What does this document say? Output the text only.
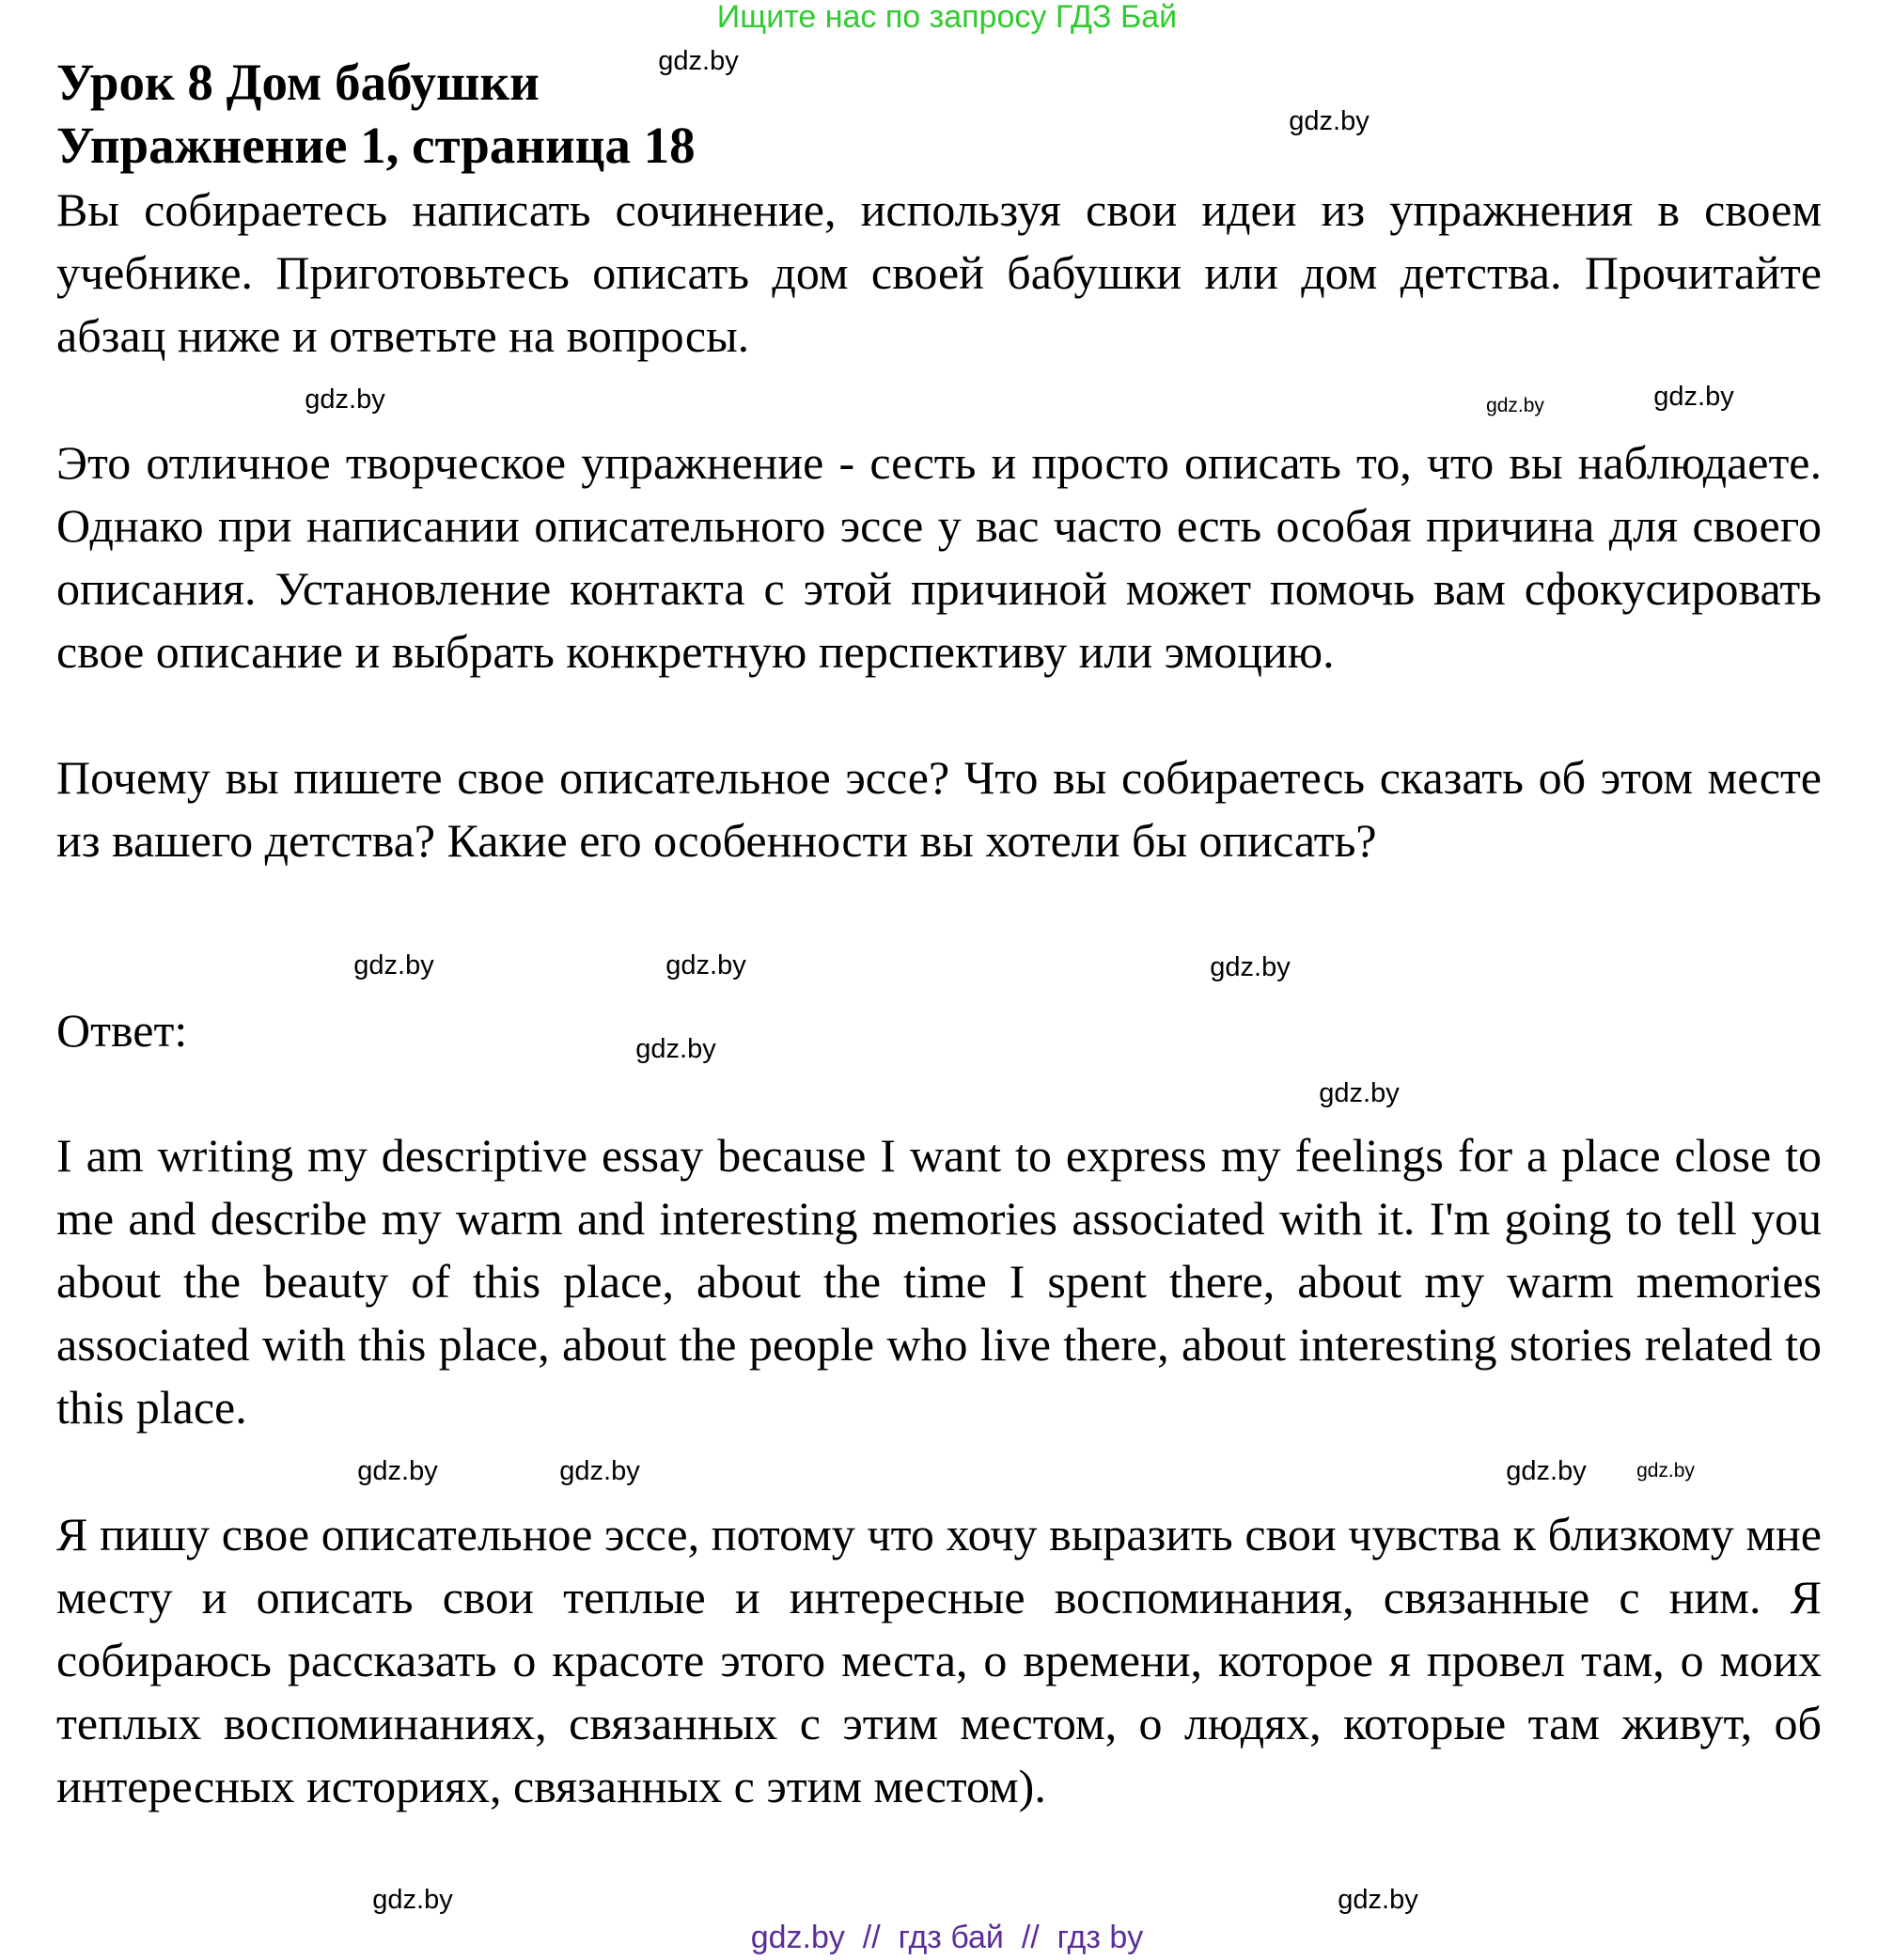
Ищите нас по запросу ГДЗ Бай
Урок 8 Дом бабушки
Упражнение 1, страница 18
Вы собираетесь написать сочинение, используя свои идеи из упражнения в своем учебнике. Приготовьтесь описать дом своей бабушки или дом детства. Прочитайте абзац ниже и ответьте на вопросы.
Это отличное творческое упражнение - сесть и просто описать то, что вы наблюдаете. Однако при написании описательного эссе у вас часто есть особая причина для своего описания. Установление контакта с этой причиной может помочь вам сфокусировать свое описание и выбрать конкретную перспективу или эмоцию.
Почему вы пишете свое описательное эссе? Что вы собираетесь сказать об этом месте из вашего детства? Какие его особенности вы хотели бы описать?
Ответ:
I am writing my descriptive essay because I want to express my feelings for a place close to me and describe my warm and interesting memories associated with it. I'm going to tell you about the beauty of this place, about the time I spent there, about my warm memories associated with this place, about the people who live there, about interesting stories related to this place.
Я пишу свое описательное эссе, потому что хочу выразить свои чувства к близкому мне месту и описать свои теплые и интересные воспоминания, связанные с ним. Я собираюсь рассказать о красоте этого места, о времени, которое я провел там, о моих теплых воспоминаниях, связанных с этим местом, о людях, которые там живут, об интересных историях, связанных с этим местом).
gdz.by
gdz.by
gdz.by
gdz.by	gdz.by
gdz.by
gdz.by
gdz.by
gdz.by
gdz.by
gdz.by
gdz.by	gdz.by	gdz.by
gdz.by
gdz.by
gdz.by  //  гдз бай  //  гдз by
